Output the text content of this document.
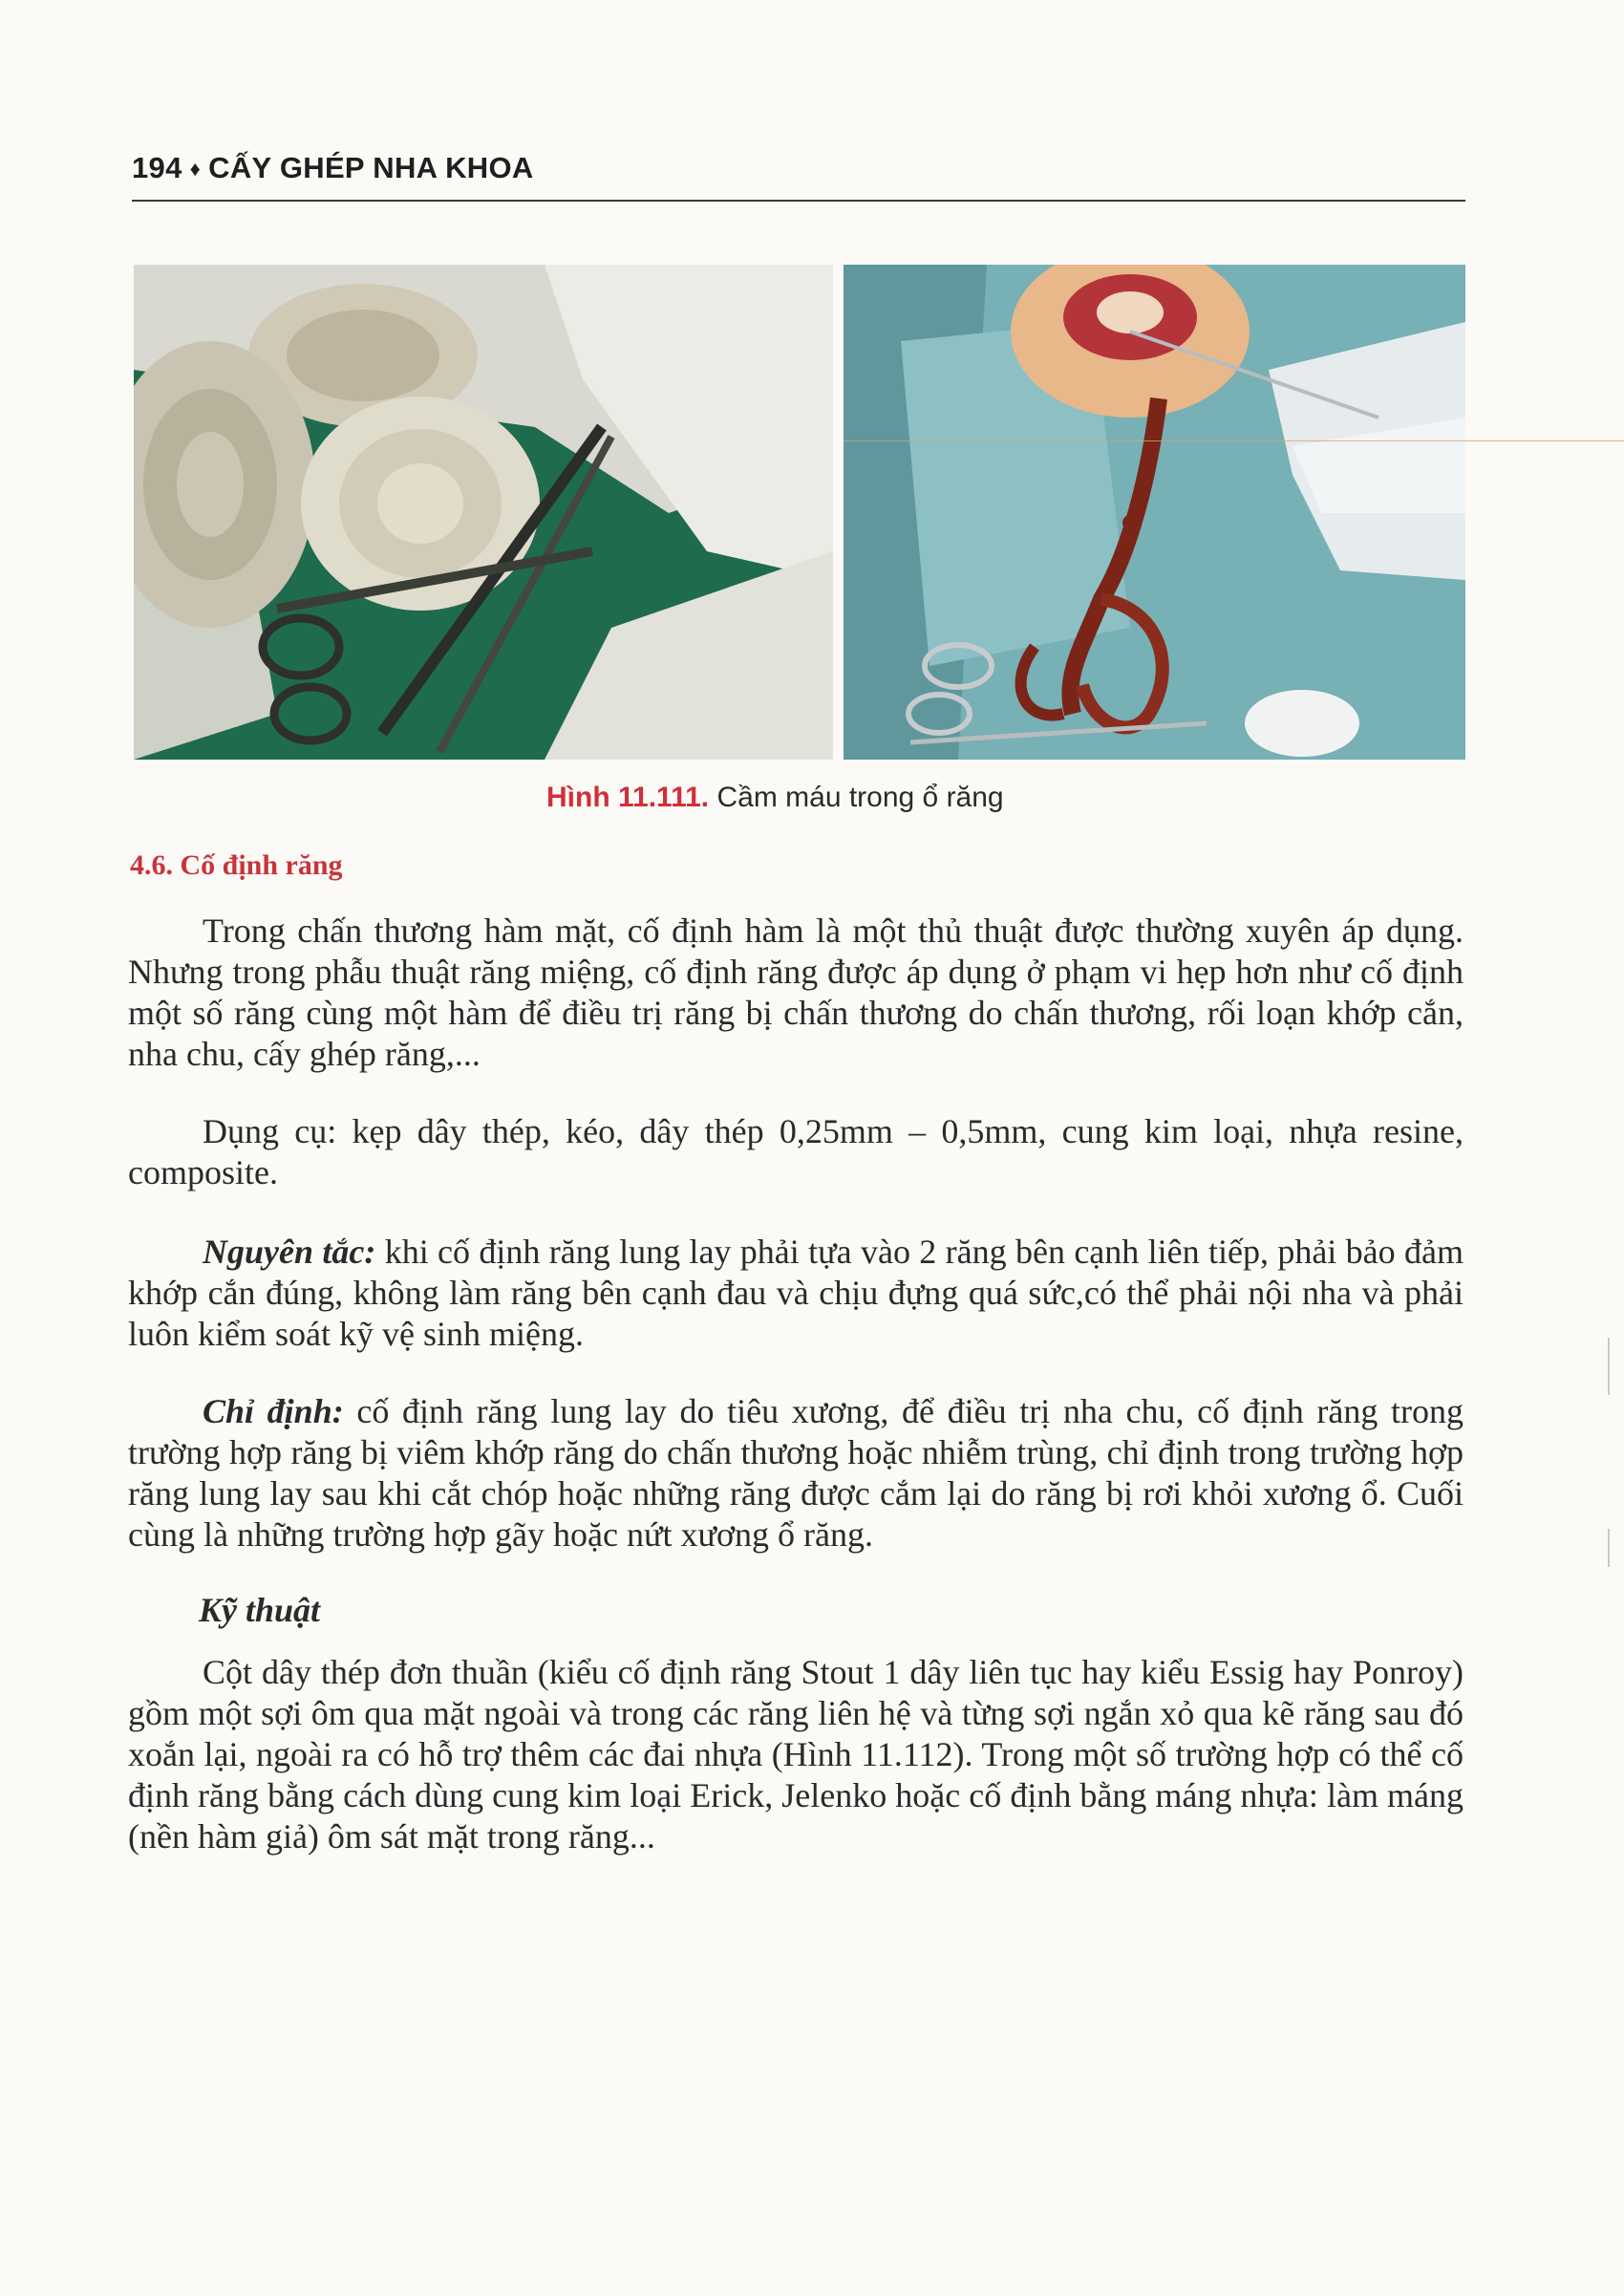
194 ♦ CẤY GHÉP NHA KHOA
Hình 11.111. Cầm máu trong ổ răng
4.6. Cố định răng

Trong chấn thương hàm mặt, cố định hàm là một thủ thuật được thường xuyên áp dụng. Nhưng trong phẫu thuật răng miệng, cố định răng được áp dụng ở phạm vi hẹp hơn như cố định một số răng cùng một hàm để điều trị răng bị chấn thương do chấn thương, rối loạn khớp cắn, nha chu, cấy ghép răng,...

Dụng cụ: kẹp dây thép, kéo, dây thép 0,25mm – 0,5mm, cung kim loại, nhựa resine, composite.

Nguyên tắc: khi cố định răng lung lay phải tựa vào 2 răng bên cạnh liên tiếp, phải bảo đảm khớp cắn đúng, không làm răng bên cạnh đau và chịu đựng quá sức,có thể phải nội nha và phải luôn kiểm soát kỹ vệ sinh miệng.

Chỉ định: cố định răng lung lay do tiêu xương, để điều trị nha chu, cố định răng trong trường hợp răng bị viêm khớp răng do chấn thương hoặc nhiễm trùng, chỉ định trong trường hợp răng lung lay sau khi cắt chóp hoặc những răng được cắm lại do răng bị rơi khỏi xương ổ. Cuối cùng là những trường hợp gãy hoặc nứt xương ổ răng.

Kỹ thuật

Cột dây thép đơn thuần (kiểu cố định răng Stout 1 dây liên tục hay kiểu Essig hay Ponroy) gồm một sợi ôm qua mặt ngoài và trong các răng liên hệ và từng sợi ngắn xỏ qua kẽ răng sau đó xoắn lại, ngoài ra có hỗ trợ thêm các đai nhựa (Hình 11.112). Trong một số trường hợp có thể cố định răng bằng cách dùng cung kim loại Erick, Jelenko hoặc cố định bằng máng nhựa: làm máng (nền hàm giả) ôm sát mặt trong răng...
